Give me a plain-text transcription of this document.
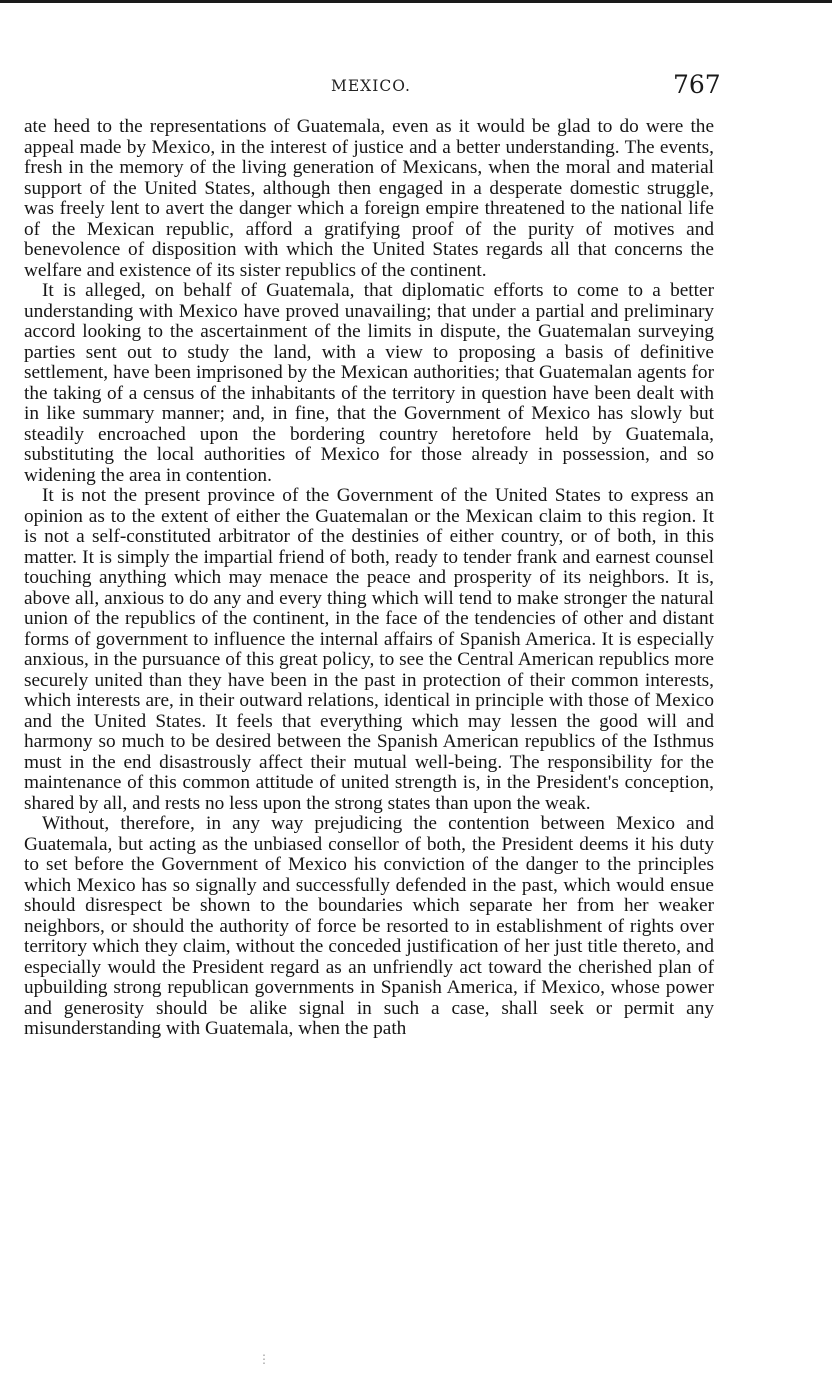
MEXICO.	767

ate heed to the representations of Guatemala, even as it would be glad to do were the appeal made by Mexico, in the interest of justice and a better understanding. The events, fresh in the memory of the living generation of Mexicans, when the moral and material support of the United States, although then engaged in a desperate domestic struggle, was freely lent to avert the danger which a foreign empire threatened to the national life of the Mexican republic, afford a gratifying proof of the purity of motives and benevolence of disposition with which the United States regards all that concerns the welfare and existence of its sister republics of the continent.

It is alleged, on behalf of Guatemala, that diplomatic efforts to come to a better understanding with Mexico have proved unavailing; that under a partial and preliminary accord looking to the ascertainment of the limits in dispute, the Guatemalan surveying parties sent out to study the land, with a view to proposing a basis of definitive settlement, have been imprisoned by the Mexican authorities; that Guatemalan agents for the taking of a census of the inhabitants of the territory in question have been dealt with in like summary manner; and, in fine, that the Government of Mexico has slowly but steadily encroached upon the bordering country heretofore held by Guatemala, substituting the local authorities of Mexico for those already in possession, and so widening the area in contention.

It is not the present province of the Government of the United States to express an opinion as to the extent of either the Guatemalan or the Mexican claim to this region. It is not a self-constituted arbitrator of the destinies of either country, or of both, in this matter. It is simply the impartial friend of both, ready to tender frank and earnest counsel touching anything which may menace the peace and prosperity of its neighbors. It is, above all, anxious to do any and every thing which will tend to make stronger the natural union of the republics of the continent, in the face of the tendencies of other and distant forms of government to influence the internal affairs of Spanish America. It is especially anxious, in the pursuance of this great policy, to see the Central American republics more securely united than they have been in the past in protection of their common interests, which interests are, in their outward relations, identical in principle with those of Mexico and the United States. It feels that everything which may lessen the good will and harmony so much to be desired between the Spanish American republics of the Isthmus must in the end disastrously affect their mutual well-being. The responsibility for the maintenance of this common attitude of united strength is, in the President's conception, shared by all, and rests no less upon the strong states than upon the weak.

Without, therefore, in any way prejudicing the contention between Mexico and Guatemala, but acting as the unbiased consellor of both, the President deems it his duty to set before the Government of Mexico his conviction of the danger to the principles which Mexico has so signally and successfully defended in the past, which would ensue should disrespect be shown to the boundaries which separate her from her weaker neighbors, or should the authority of force be resorted to in establishment of rights over territory which they claim, without the conceded justification of her just title thereto, and especially would the President regard as an unfriendly act toward the cherished plan of upbuilding strong republican governments in Spanish America, if Mexico, whose power and generosity should be alike signal in such a case, shall seek or permit any misunderstanding with Guatemala, when the path

⋮
